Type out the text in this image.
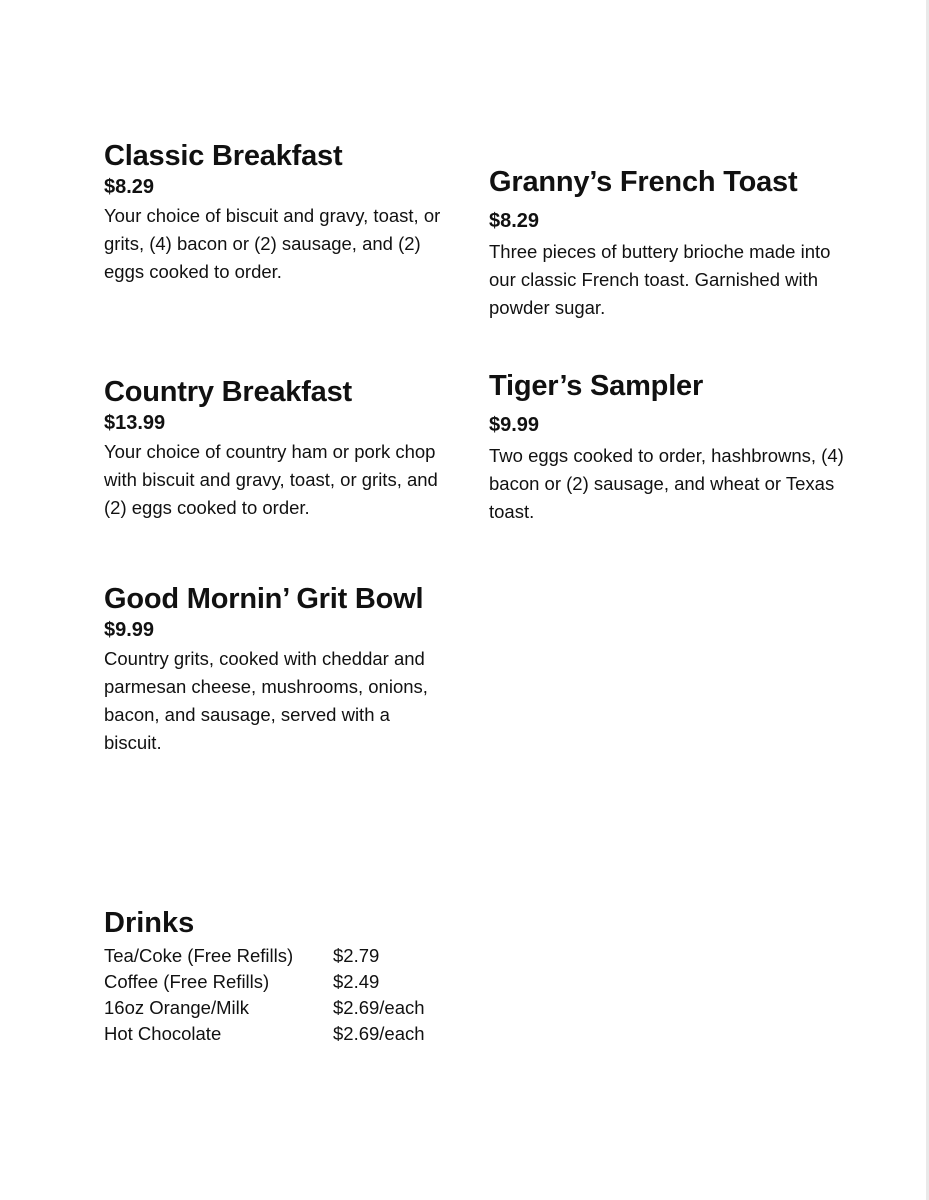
Classic Breakfast
$8.29
Your choice of biscuit and gravy, toast, or grits, (4) bacon or (2) sausage, and (2) eggs cooked to order.
Country Breakfast
$13.99
Your choice of country ham or pork chop with biscuit and gravy, toast, or grits, and (2) eggs cooked to order.
Good Mornin’ Grit Bowl
$9.99
Country grits, cooked with cheddar and parmesan cheese, mushrooms, onions, bacon, and sausage, served with a biscuit.
Granny’s French Toast
$8.29
Three pieces of buttery brioche made into our classic French toast. Garnished with powder sugar.
Tiger’s Sampler
$9.99
Two eggs cooked to order, hashbrowns, (4) bacon or (2) sausage, and wheat or Texas toast.
Drinks
Tea/Coke (Free Refills)	$2.79
Coffee (Free Refills)	$2.49
16oz Orange/Milk	$2.69/each
Hot Chocolate	$2.69/each
